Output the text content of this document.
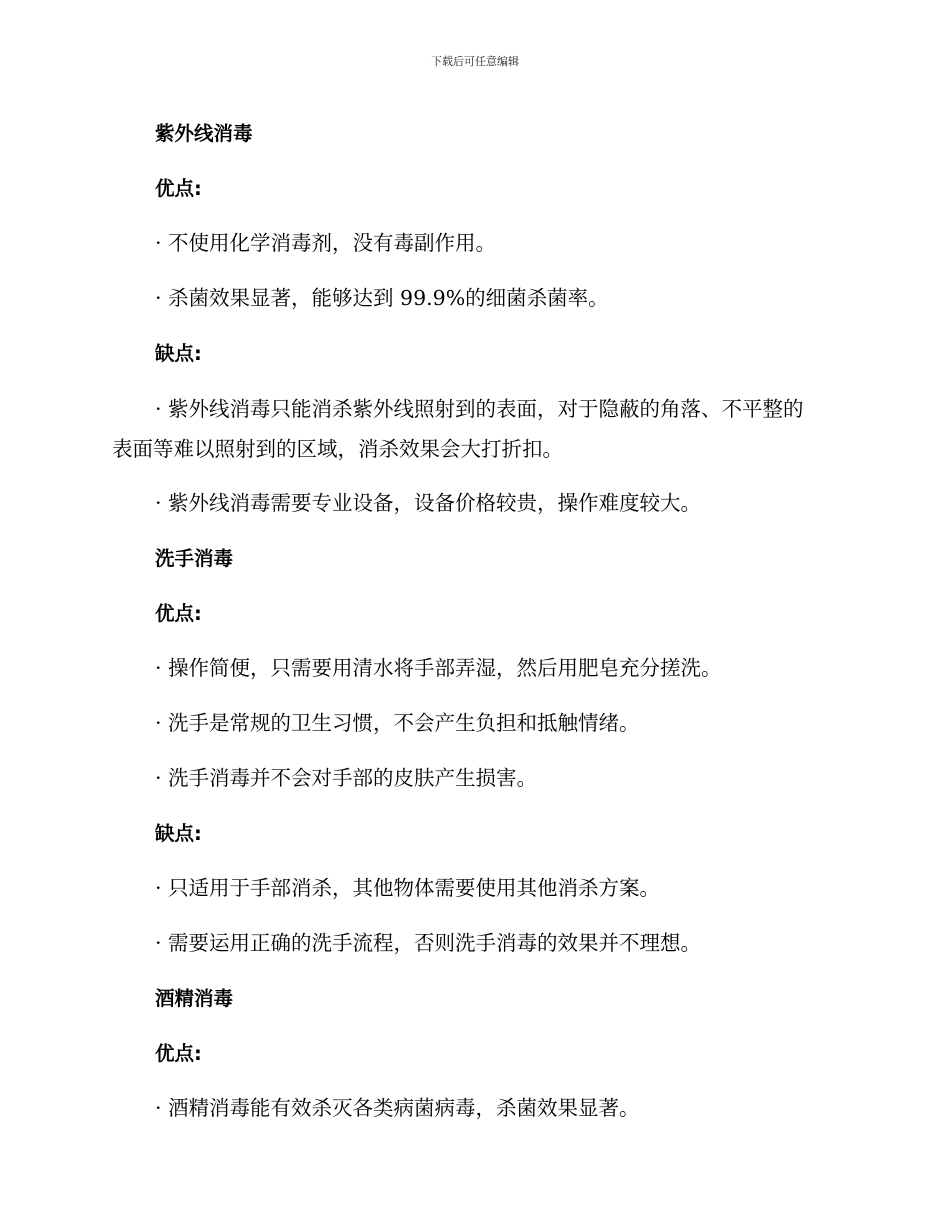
下载后可任意编辑

紫外线消毒

优点:

· 不使用化学消毒剂，没有毒副作用。

· 杀菌效果显著，能够达到 99.9%的细菌杀菌率。

缺点:

· 紫外线消毒只能消杀紫外线照射到的表面，对于隐蔽的角落、不平整的表面等难以照射到的区域，消杀效果会大打折扣。

· 紫外线消毒需要专业设备，设备价格较贵，操作难度较大。

洗手消毒

优点:

· 操作简便，只需要用清水将手部弄湿，然后用肥皂充分搓洗。

· 洗手是常规的卫生习惯，不会产生负担和抵触情绪。

· 洗手消毒并不会对手部的皮肤产生损害。

缺点:

· 只适用于手部消杀，其他物体需要使用其他消杀方案。

· 需要运用正确的洗手流程，否则洗手消毒的效果并不理想。

酒精消毒

优点:

· 酒精消毒能有效杀灭各类病菌病毒，杀菌效果显著。
